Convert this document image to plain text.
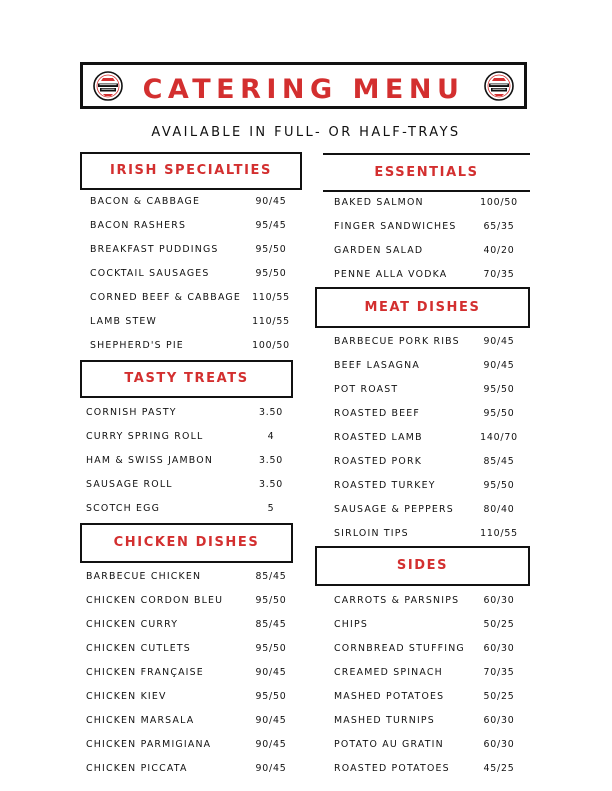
CATERING MENU
AVAILABLE IN FULL- OR HALF-TRAYS
IRISH SPECIALTIES
BACON & CABBAGE	90/45
BACON RASHERS	95/45
BREAKFAST PUDDINGS	95/50
COCKTAIL SAUSAGES	95/50
CORNED BEEF & CABBAGE	110/55
LAMB STEW	110/55
SHEPHERD'S PIE	100/50
TASTY TREATS
CORNISH PASTY	3.50
CURRY SPRING ROLL	4
HAM & SWISS JAMBON	3.50
SAUSAGE ROLL	3.50
SCOTCH EGG	5
CHICKEN DISHES
BARBECUE CHICKEN	85/45
CHICKEN CORDON BLEU	95/50
CHICKEN CURRY	85/45
CHICKEN CUTLETS	95/50
CHICKEN FRANÇAISE	90/45
CHICKEN KIEV	95/50
CHICKEN MARSALA	90/45
CHICKEN PARMIGIANA	90/45
CHICKEN PICCATA	90/45
ESSENTIALS
BAKED SALMON	100/50
FINGER SANDWICHES	65/35
GARDEN SALAD	40/20
PENNE ALLA VODKA	70/35
MEAT DISHES
BARBECUE PORK RIBS	90/45
BEEF LASAGNA	90/45
POT ROAST	95/50
ROASTED BEEF	95/50
ROASTED LAMB	140/70
ROASTED PORK	85/45
ROASTED TURKEY	95/50
SAUSAGE & PEPPERS	80/40
SIRLOIN TIPS	110/55
SIDES
CARROTS & PARSNIPS	60/30
CHIPS	50/25
CORNBREAD STUFFING	60/30
CREAMED SPINACH	70/35
MASHED POTATOES	50/25
MASHED TURNIPS	60/30
POTATO AU GRATIN	60/30
ROASTED POTATOES	45/25
